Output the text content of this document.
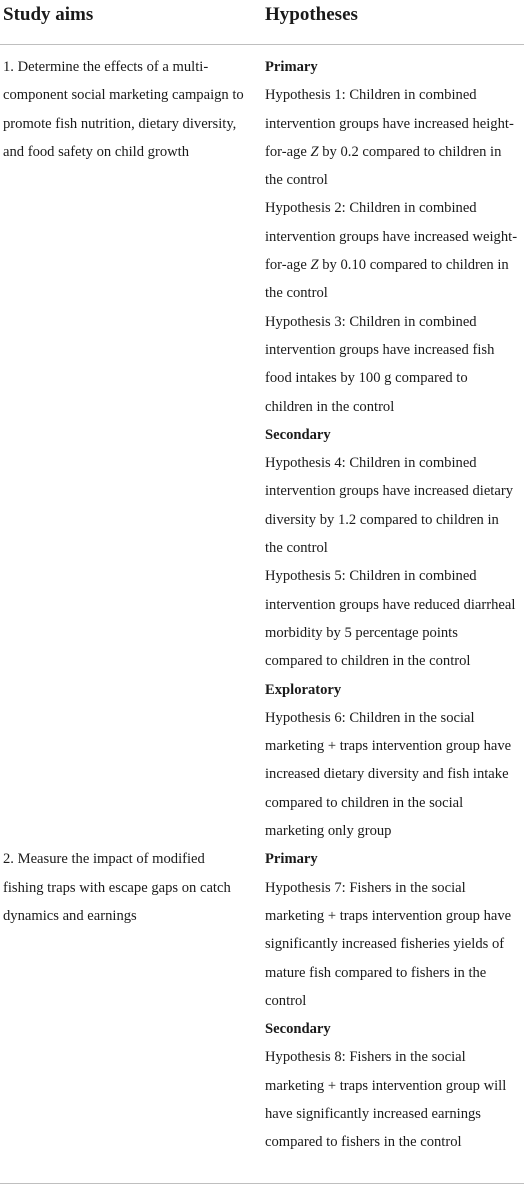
Study aims	Hypotheses
1. Determine the effects of a multi-component social marketing campaign to promote fish nutrition, dietary diversity, and food safety on child growth
Primary
Hypothesis 1: Children in combined intervention groups have increased height-for-age Z by 0.2 compared to children in the control
Hypothesis 2: Children in combined intervention groups have increased weight-for-age Z by 0.10 compared to children in the control
Hypothesis 3: Children in combined intervention groups have increased fish food intakes by 100 g compared to children in the control
Secondary
Hypothesis 4: Children in combined intervention groups have increased dietary diversity by 1.2 compared to children in the control
Hypothesis 5: Children in combined intervention groups have reduced diarrheal morbidity by 5 percentage points compared to children in the control
Exploratory
Hypothesis 6: Children in the social marketing + traps intervention group have increased dietary diversity and fish intake compared to children in the social marketing only group
2. Measure the impact of modified fishing traps with escape gaps on catch dynamics and earnings
Primary
Hypothesis 7: Fishers in the social marketing + traps intervention group have significantly increased fisheries yields of mature fish compared to fishers in the control
Secondary
Hypothesis 8: Fishers in the social marketing + traps intervention group will have significantly increased earnings compared to fishers in the control
